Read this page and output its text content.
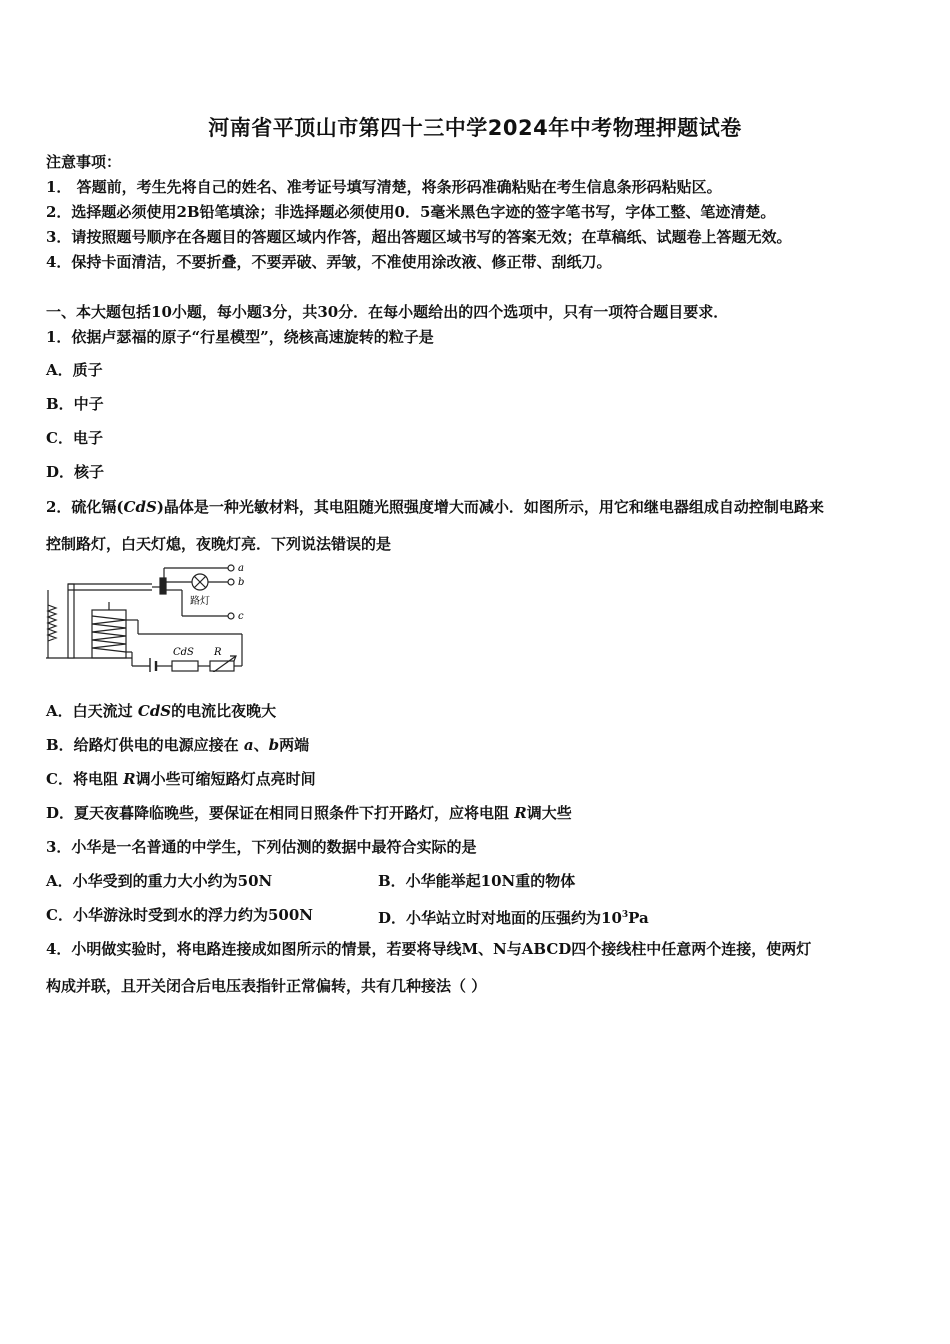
河南省平顶山市第四十三中学2024年中考物理押题试卷
注意事项：
1． 答题前，考生先将自己的姓名、准考证号填写清楚，将条形码准确粘贴在考生信息条形码粘贴区。
2．选择题必须使用2B铅笔填涂；非选择题必须使用0．5毫米黑色字迹的签字笔书写，字体工整、笔迹清楚。
3．请按照题号顺序在各题目的答题区域内作答，超出答题区域书写的答案无效；在草稿纸、试题卷上答题无效。
4．保持卡面清洁，不要折叠，不要弄破、弄皱，不准使用涂改液、修正带、刮纸刀。
一、本大题包括10小题，每小题3分，共30分．在每小题给出的四个选项中，只有一项符合题目要求．
1．依据卢瑟福的原子“行星模型”，绕核高速旋转的粒子是
A．质子
B．中子
C．电子
D．核子
2．硫化镉(CdS)晶体是一种光敏材料，其电阻随光照强度增大而减小．如图所示，用它和继电器组成自动控制电路来
控制路灯，白天灯熄，夜晚灯亮．下列说法错误的是
a
b
c
路灯
CdS R
A．白天流过 CdS的电流比夜晚大
B．给路灯供电的电源应接在 a、b两端
C．将电阻 R调小些可缩短路灯点亮时间
D．夏天夜暮降临晚些，要保证在相同日照条件下打开路灯，应将电阻 R调大些
3．小华是一名普通的中学生，下列估测的数据中最符合实际的是
A．小华受到的重力大小约为50N	B．小华能举起10N重的物体
C．小华游泳时受到水的浮力约为500N	D．小华站立时对地面的压强约为$10^3Pa$
4．小明做实验时，将电路连接成如图所示的情景，若要将导线M、N与ABCD四个接线柱中任意两个连接，使两灯
构成并联，且开关闭合后电压表指针正常偏转，共有几种接法（ ）
